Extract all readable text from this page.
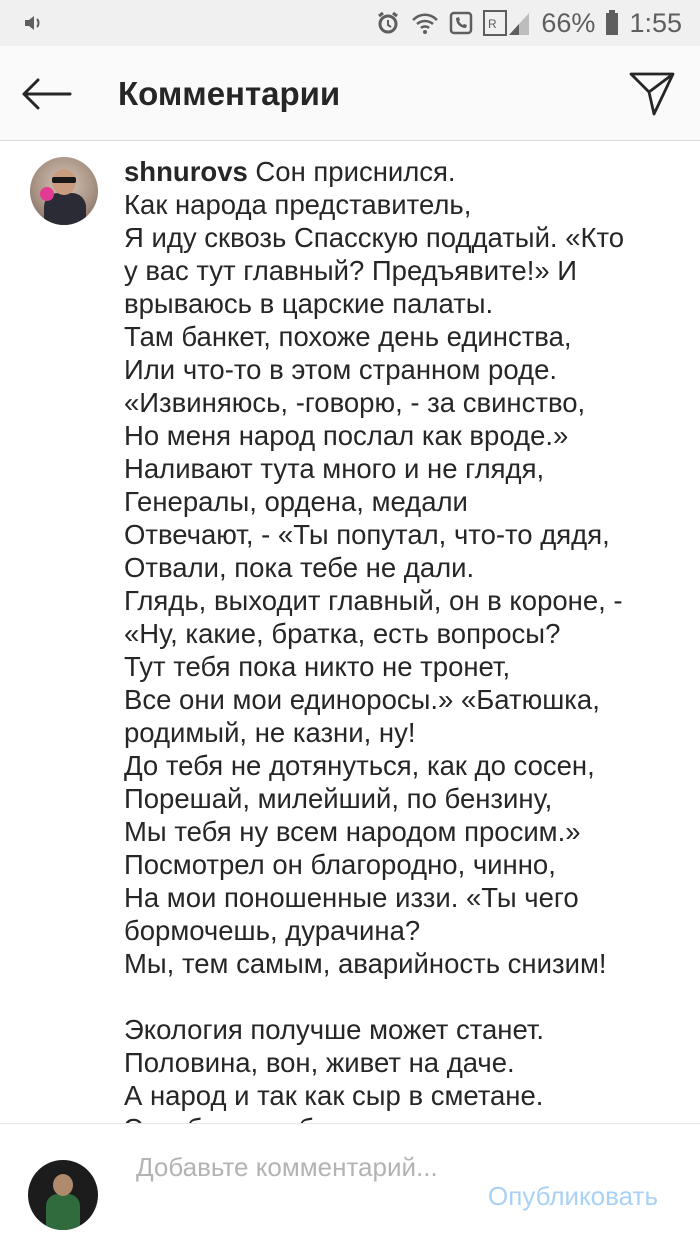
R 66% 1:55
Комментарии
shnurovs Сон приснился.
Как народа представитель,
Я иду сквозь Спасскую поддатый. «Кто
у вас тут главный? Предъявите!» И
врываюсь в царские палаты.
Там банкет, похоже день единства,
Или что-то в этом странном роде.
«Извиняюсь, -говорю, - за свинство,
Но меня народ послал как вроде.»
Наливают тута много и не глядя,
Генералы, ордена, медали
Отвечают, - «Ты попутал, что-то дядя,
Отвали, пока тебе не дали.
Глядь, выходит главный, он в короне, -
«Ну, какие, братка, есть вопросы?
Тут тебя пока никто не тронет,
Все они мои единоросы.» «Батюшка,
родимый, не казни, ну!
До тебя не дотянуться, как до сосен,
Порешай, милейший, по бензину,
Мы тебя ну всем народом просим.»
Посмотрел он благородно, чинно,
На мои поношенные иззи. «Ты чего
бормочешь, дурачина?
Мы, тем самым, аварийность снизим!

Экология получше может станет.
Половина, вон, живет на даче.
А народ и так как сыр в сметане.
Добавьте комментарий...
Опубликовать
